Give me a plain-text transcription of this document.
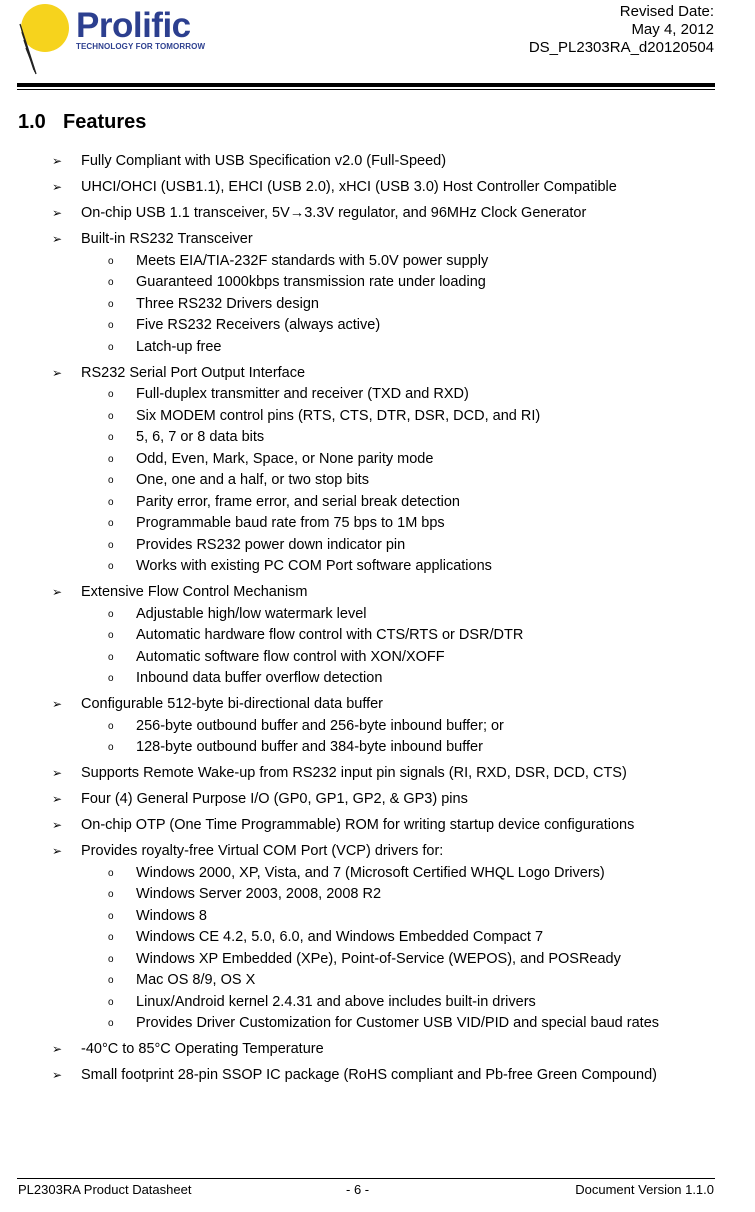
Prolific
TECHNOLOGY FOR TOMORROW
Revised Date:
May 4, 2012
DS_PL2303RA_d20120504
1.0 Features
➢ Fully Compliant with USB Specification v2.0 (Full-Speed)
➢ UHCI/OHCI (USB1.1), EHCI (USB 2.0), xHCI (USB 3.0) Host Controller Compatible
➢ On-chip USB 1.1 transceiver, 5V→3.3V regulator, and 96MHz Clock Generator
➢ Built-in RS232 Transceiver
o Meets EIA/TIA-232F standards with 5.0V power supply
o Guaranteed 1000kbps transmission rate under loading
o Three RS232 Drivers design
o Five RS232 Receivers (always active)
o Latch-up free
➢ RS232 Serial Port Output Interface
o Full-duplex transmitter and receiver (TXD and RXD)
o Six MODEM control pins (RTS, CTS, DTR, DSR, DCD, and RI)
o 5, 6, 7 or 8 data bits
o Odd, Even, Mark, Space, or None parity mode
o One, one and a half, or two stop bits
o Parity error, frame error, and serial break detection
o Programmable baud rate from 75 bps to 1M bps
o Provides RS232 power down indicator pin
o Works with existing PC COM Port software applications
➢ Extensive Flow Control Mechanism
o Adjustable high/low watermark level
o Automatic hardware flow control with CTS/RTS or DSR/DTR
o Automatic software flow control with XON/XOFF
o Inbound data buffer overflow detection
➢ Configurable 512-byte bi-directional data buffer
o 256-byte outbound buffer and 256-byte inbound buffer; or
o 128-byte outbound buffer and 384-byte inbound buffer
➢ Supports Remote Wake-up from RS232 input pin signals (RI, RXD, DSR, DCD, CTS)
➢ Four (4) General Purpose I/O (GP0, GP1, GP2, & GP3) pins
➢ On-chip OTP (One Time Programmable) ROM for writing startup device configurations
➢ Provides royalty-free Virtual COM Port (VCP) drivers for:
o Windows 2000, XP, Vista, and 7 (Microsoft Certified WHQL Logo Drivers)
o Windows Server 2003, 2008, 2008 R2
o Windows 8
o Windows CE 4.2, 5.0, 6.0, and Windows Embedded Compact 7
o Windows XP Embedded (XPe), Point-of-Service (WEPOS), and POSReady
o Mac OS 8/9, OS X
o Linux/Android kernel 2.4.31 and above includes built-in drivers
o Provides Driver Customization for Customer USB VID/PID and special baud rates
➢ -40°C to 85°C Operating Temperature
➢ Small footprint 28-pin SSOP IC package (RoHS compliant and Pb-free Green Compound)
PL2303RA Product Datasheet	- 6 -	Document Version 1.1.0
